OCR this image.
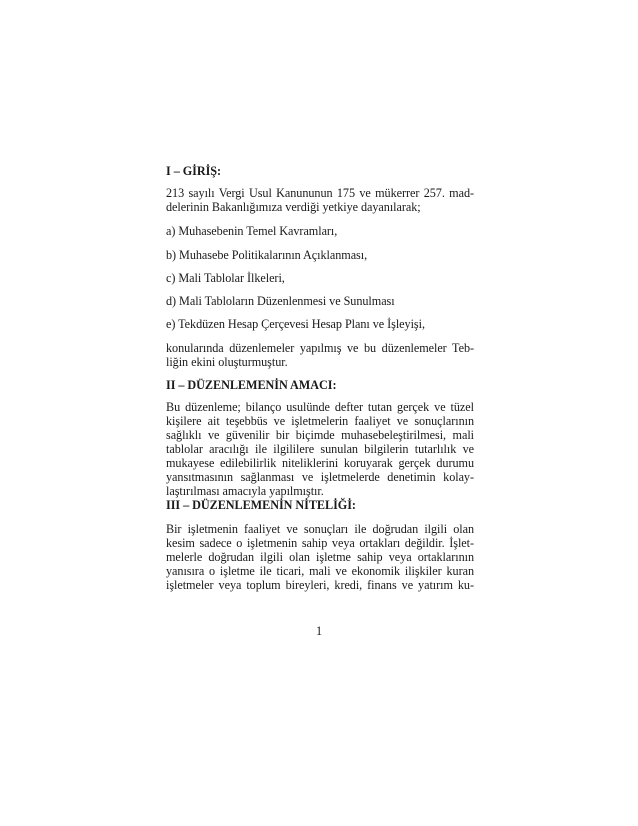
I – GİRİŞ:
213 sayılı Vergi Usul Kanununun 175 ve mükerrer 257. mad-
delerinin Bakanlığımıza verdiği yetkiye dayanılarak;
a) Muhasebenin Temel Kavramları,
b) Muhasebe Politikalarının Açıklanması,
c) Mali Tablolar İlkeleri,
d) Mali Tabloların Düzenlenmesi ve Sunulması
e) Tekdüzen Hesap Çerçevesi Hesap Planı ve İşleyişi,
konularında düzenlemeler yapılmış ve bu düzenlemeler Teb-
liğin ekini oluşturmuştur.
II – DÜZENLEMENİN AMACI:
Bu düzenleme; bilanço usulünde defter tutan gerçek ve tüzel
kişilere ait teşebbüs ve işletmelerin faaliyet ve sonuçlarının
sağlıklı ve güvenilir bir biçimde muhasebeleştirilmesi, mali
tablolar aracılığı ile ilgililere sunulan bilgilerin tutarlılık ve
mukayese edilebilirlik niteliklerini koruyarak gerçek durumu
yansıtmasının sağlanması ve işletmelerde denetimin kolay-
laştırılması amacıyla yapılmıştır.
III – DÜZENLEMENİN NİTELİĞİ:
Bir işletmenin faaliyet ve sonuçları ile doğrudan ilgili olan
kesim sadece o işletmenin sahip veya ortakları değildir. İşlet-
melerle doğrudan ilgili olan işletme sahip veya ortaklarının
yanısıra o işletme ile ticari, mali ve ekonomik ilişkiler kuran
işletmeler veya toplum bireyleri, kredi, finans ve yatırım ku-
1
